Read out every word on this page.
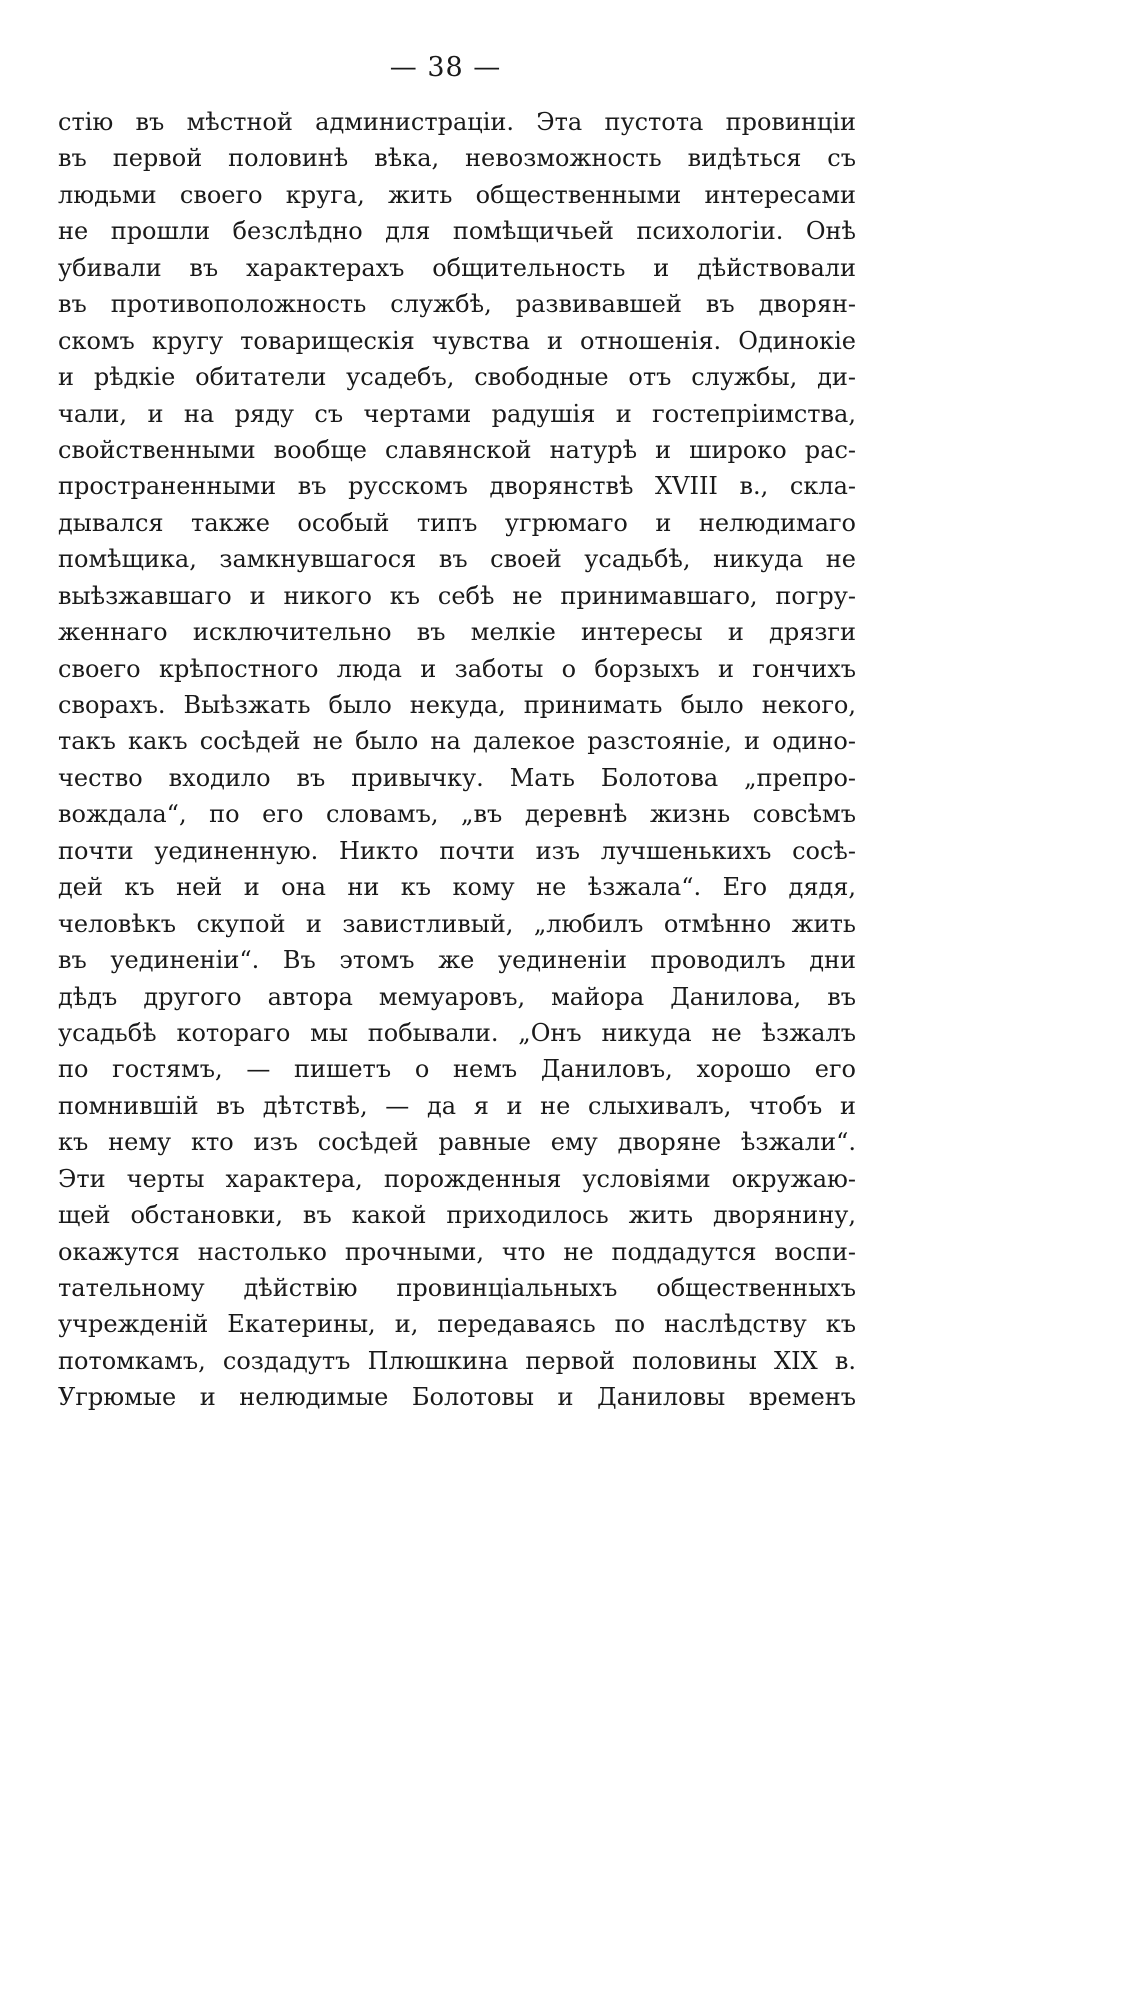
— 38 —
стію въ мѣстной администраціи. Эта пустота провинціи
въ первой половинѣ вѣка, невозможность видѣться съ
людьми своего круга, жить общественными интересами
не прошли безслѣдно для помѣщичьей психологіи. Онѣ
убивали въ характерахъ общительность и дѣйствовали
въ противоположность службѣ, развивавшей въ дворян-
скомъ кругу товарищескія чувства и отношенія. Одинокіе
и рѣдкіе обитатели усадебъ, свободные отъ службы, ди-
чали, и на ряду съ чертами радушія и гостепріимства,
свойственными вообще славянской натурѣ и широко рас-
пространенными въ русскомъ дворянствѣ XVIII в., скла-
дывался также особый типъ угрюмаго и нелюдимаго
помѣщика, замкнувшагося въ своей усадьбѣ, никуда не
выѣзжавшаго и никого къ себѣ не принимавшаго, погру-
женнаго исключительно въ мелкіе интересы и дрязги
своего крѣпостного люда и заботы о борзыхъ и гончихъ
сворахъ. Выѣзжать было некуда, принимать было некого,
такъ какъ сосѣдей не было на далекое разстояніе, и одино-
чество входило въ привычку. Мать Болотова „препро-
вождала“, по его словамъ, „въ деревнѣ жизнь совсѣмъ
почти уединенную. Никто почти изъ лучшенькихъ сосѣ-
дей къ ней и она ни къ кому не ѣзжала“. Его дядя,
человѣкъ скупой и завистливый, „любилъ отмѣнно жить
въ уединеніи“. Въ этомъ же уединеніи проводилъ дни
дѣдъ другого автора мемуаровъ, майора Данилова, въ
усадьбѣ котораго мы побывали. „Онъ никуда не ѣзжалъ
по гостямъ, — пишетъ о немъ Даниловъ, хорошо его
помнившій въ дѣтствѣ, — да я и не слыхивалъ, чтобъ и
къ нему кто изъ сосѣдей равные ему дворяне ѣзжали“.
Эти черты характера, порожденныя условіями окружаю-
щей обстановки, въ какой приходилось жить дворянину,
окажутся настолько прочными, что не поддадутся воспи-
тательному дѣйствію провинціальныхъ общественныхъ
учрежденій Екатерины, и, передаваясь по наслѣдству къ
потомкамъ, создадутъ Плюшкина первой половины XIX в.
Угрюмые и нелюдимые Болотовы и Даниловы временъ
